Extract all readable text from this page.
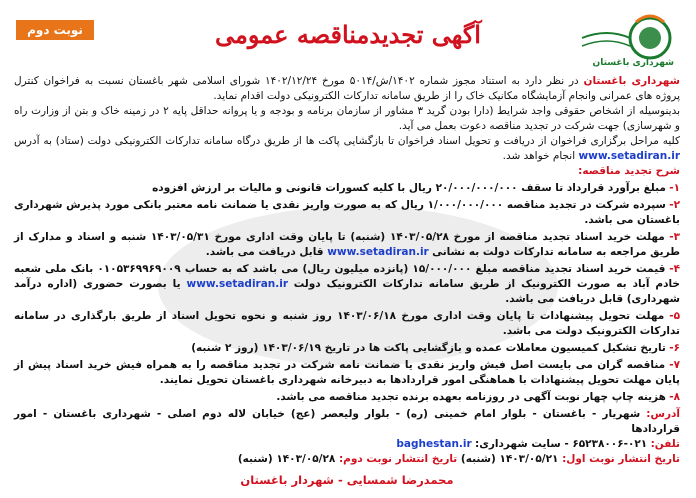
شهرداری باغستان
نوبت دوم	آگهی تجدیدمناقصه عمومی

شهرداری باغستان در نظر دارد به استناد مجوز شماره ۱۴۰۲/ش/۵۰۱۴ مورخ ۱۴۰۲/۱۲/۲۴ شورای اسلامی شهر باغستان نسبت به فراخوان کنترل پروژه های عمرانی وانجام آزمایشگاه مکانیک خاک را از طریق سامانه تدارکات الکترونیکی دولت اقدام نماید.

بدینوسیله از اشخاص حقوقی واجد شرایط (دارا بودن گرید ۳ مشاور از سازمان برنامه و بودجه و یا پروانه حداقل پایه ۲ در زمینه خاک و بتن از وزارت راه و شهرسازی) جهت شرکت در تجدید مناقصه دعوت بعمل می آید.

کلیه مراحل برگزاری فراخوان از دریافت و تحویل اسناد فراخوان تا بازگشایی پاکت ها از طریق درگاه سامانه تدارکات الکترونیکی دولت (ستاد) به آدرس www.setadiran.ir انجام خواهد شد.

شرح تجدید مناقصه:

۱- مبلغ برآورد قرارداد تا سقف ۲۰/۰۰۰/۰۰۰/۰۰۰ ریال با کلیه کسورات قانونی و مالیات بر ارزش افزوده

۲- سپرده شرکت در تجدید مناقصه ۱/۰۰۰/۰۰۰/۰۰۰ ریال که به صورت واریز نقدی یا ضمانت نامه معتبر بانکی مورد پذیرش شهرداری باغستان می باشد.

۳- مهلت خرید اسناد تجدید مناقصه از مورخ ۱۴۰۳/۰۵/۲۸ (شنبه) تا پایان وقت اداری مورخ ۱۴۰۳/۰۵/۳۱ شنبه و اسناد و مدارک از طریق مراجعه به سامانه تدارکات دولت به نشانی www.setadiran.ir قابل دریافت می باشد.

۴- قیمت خرید اسناد تجدید مناقصه مبلغ ۱۵/۰۰۰/۰۰۰ (پانزده میلیون ریال) می باشد که به حساب ۰۱۰۵۳۶۹۹۶۹۰۰۹ بانک ملی شعبه خادم آباد به صورت الکترونیک از طریق سامانه تدارکات الکترونیک دولت www.setadiran.ir یا بصورت حضوری (اداره درآمد شهرداری) قابل دریافت می باشد.

۵- مهلت تحویل پیشنهادات تا پایان وقت اداری مورخ ۱۴۰۳/۰۶/۱۸ روز شنبه و نحوه تحویل اسناد از طریق بارگذاری در سامانه تدارکات الکترونیک دولت می باشد.

۶- تاریخ تشکیل کمیسیون معاملات عمده و بازگشایی پاکت ها در تاریخ ۱۴۰۳/۰۶/۱۹ (روز ۲ شنبه)

۷- مناقصه گران می بایست اصل فیش واریز نقدی یا ضمانت نامه شرکت در تجدید مناقصه را به همراه فیش خرید اسناد پیش از پایان مهلت تحویل پیشنهادات با هماهنگی امور قراردادها به دبیرخانه شهرداری باغستان تحویل نمایند.

۸- هزینه چاپ چهار نوبت آگهی در روزنامه بعهده برنده تجدید مناقصه می باشد.

آدرس: شهریار - باغستان - بلوار امام خمینی (ره) - بلوار ولیعصر (عج) خیابان لاله دوم اصلی - شهرداری باغستان - امور قراردادها

تلفن: ۰۲۱-۶۵۲۳۸۰۰۶ - سایت شهرداری: baghestan.ir

تاریخ انتشار نوبت اول: ۱۴۰۳/۰۵/۲۱ (شنبه) تاریخ انتشار نوبت دوم: ۱۴۰۳/۰۵/۲۸ (شنبه)

محمدرضا شمسایی - شهردار باغستان
